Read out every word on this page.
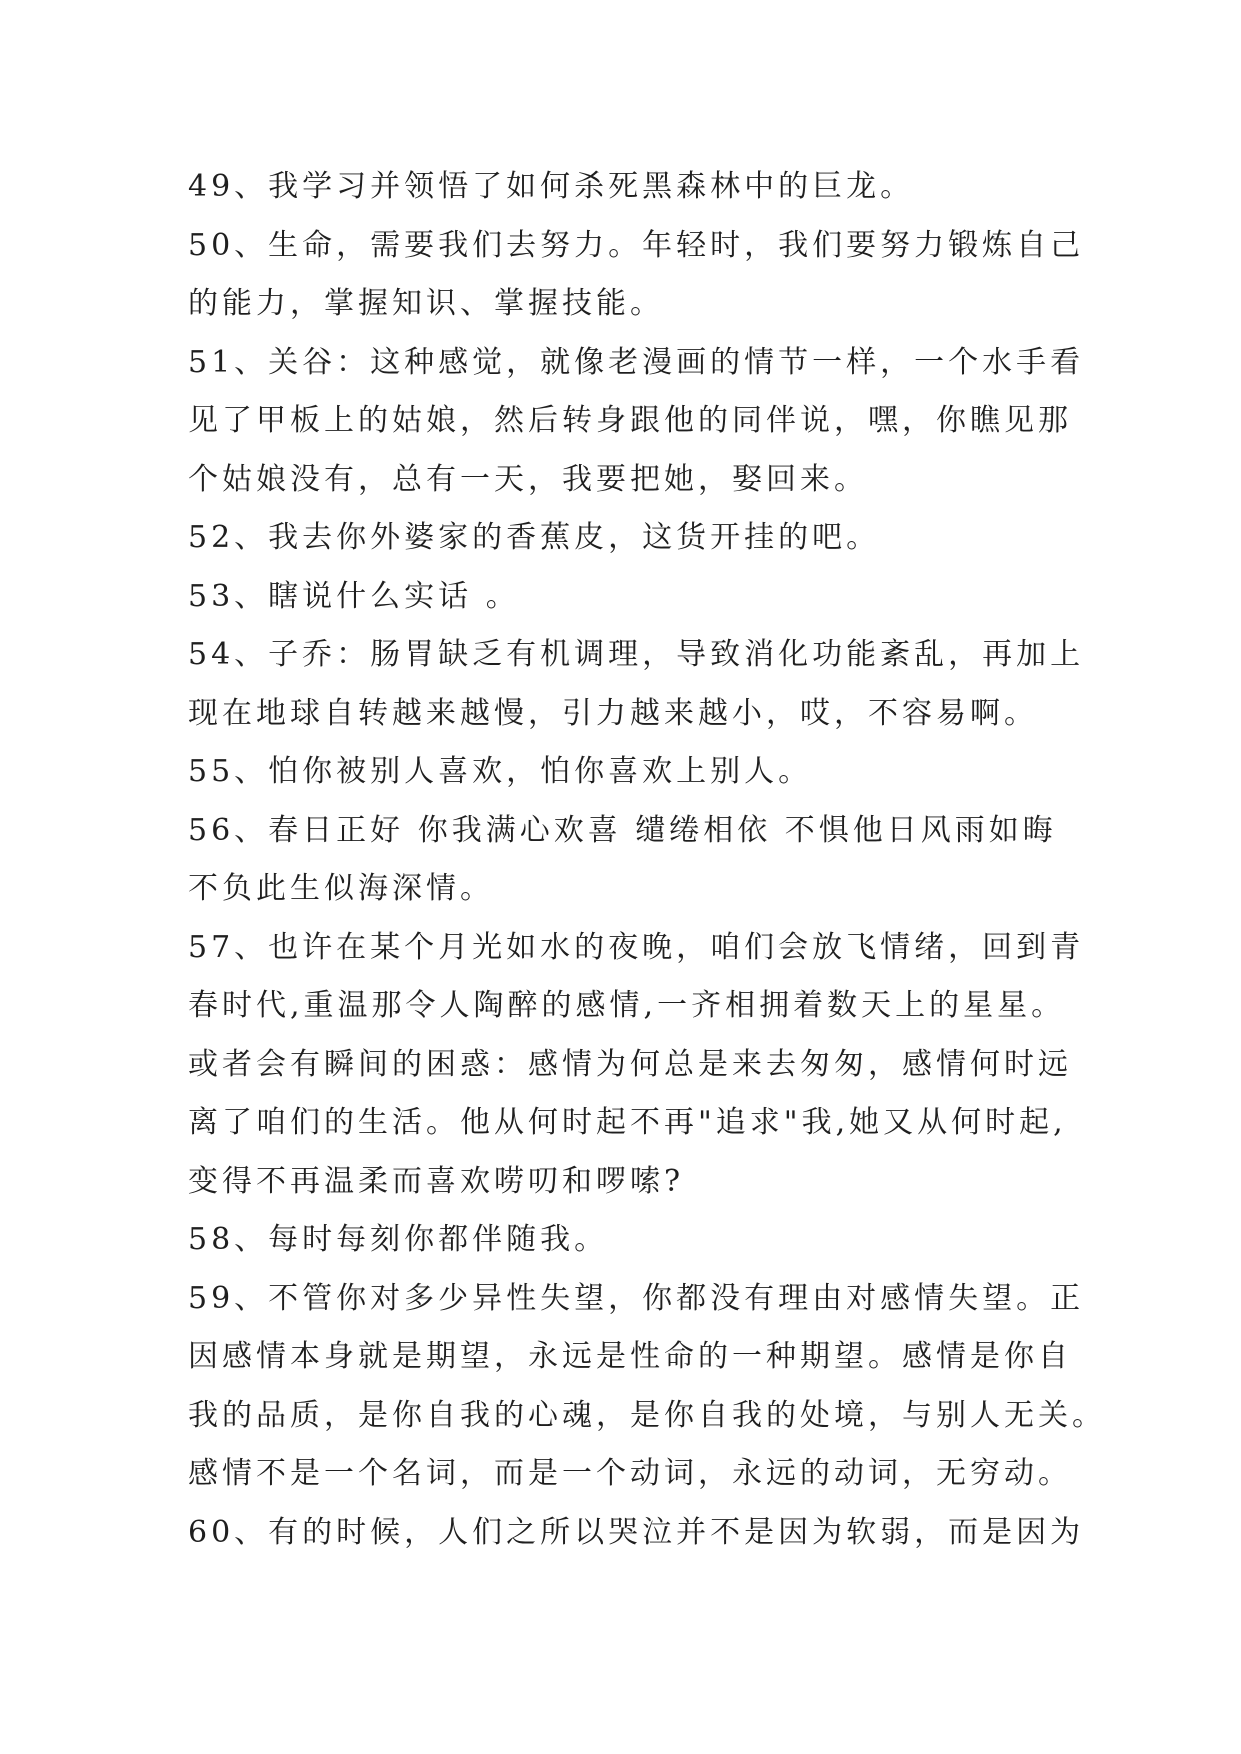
49、我学习并领悟了如何杀死黑森林中的巨龙。
50、生命，需要我们去努力。年轻时，我们要努力锻炼自己
的能力，掌握知识、掌握技能。
51、关谷：这种感觉，就像老漫画的情节一样，一个水手看
见了甲板上的姑娘，然后转身跟他的同伴说，嘿，你瞧见那
个姑娘没有，总有一天，我要把她，娶回来。
52、我去你外婆家的香蕉皮，这货开挂的吧。
53、瞎说什么实话 。
54、子乔：肠胃缺乏有机调理，导致消化功能紊乱，再加上
现在地球自转越来越慢，引力越来越小，哎，不容易啊。
55、怕你被别人喜欢，怕你喜欢上别人。
56、春日正好 你我满心欢喜 缱绻相依 不惧他日风雨如晦
不负此生似海深情。
57、也许在某个月光如水的夜晚，咱们会放飞情绪，回到青
春时代,重温那令人陶醉的感情,一齐相拥着数天上的星星。
或者会有瞬间的困惑：感情为何总是来去匆匆，感情何时远
离了咱们的生活。他从何时起不再"追求"我,她又从何时起,
变得不再温柔而喜欢唠叨和啰嗦?
58、每时每刻你都伴随我。
59、不管你对多少异性失望，你都没有理由对感情失望。正
因感情本身就是期望，永远是性命的一种期望。感情是你自
我的品质，是你自我的心魂，是你自我的处境，与别人无关。
感情不是一个名词，而是一个动词，永远的动词，无穷动。
60、有的时候，人们之所以哭泣并不是因为软弱，而是因为
